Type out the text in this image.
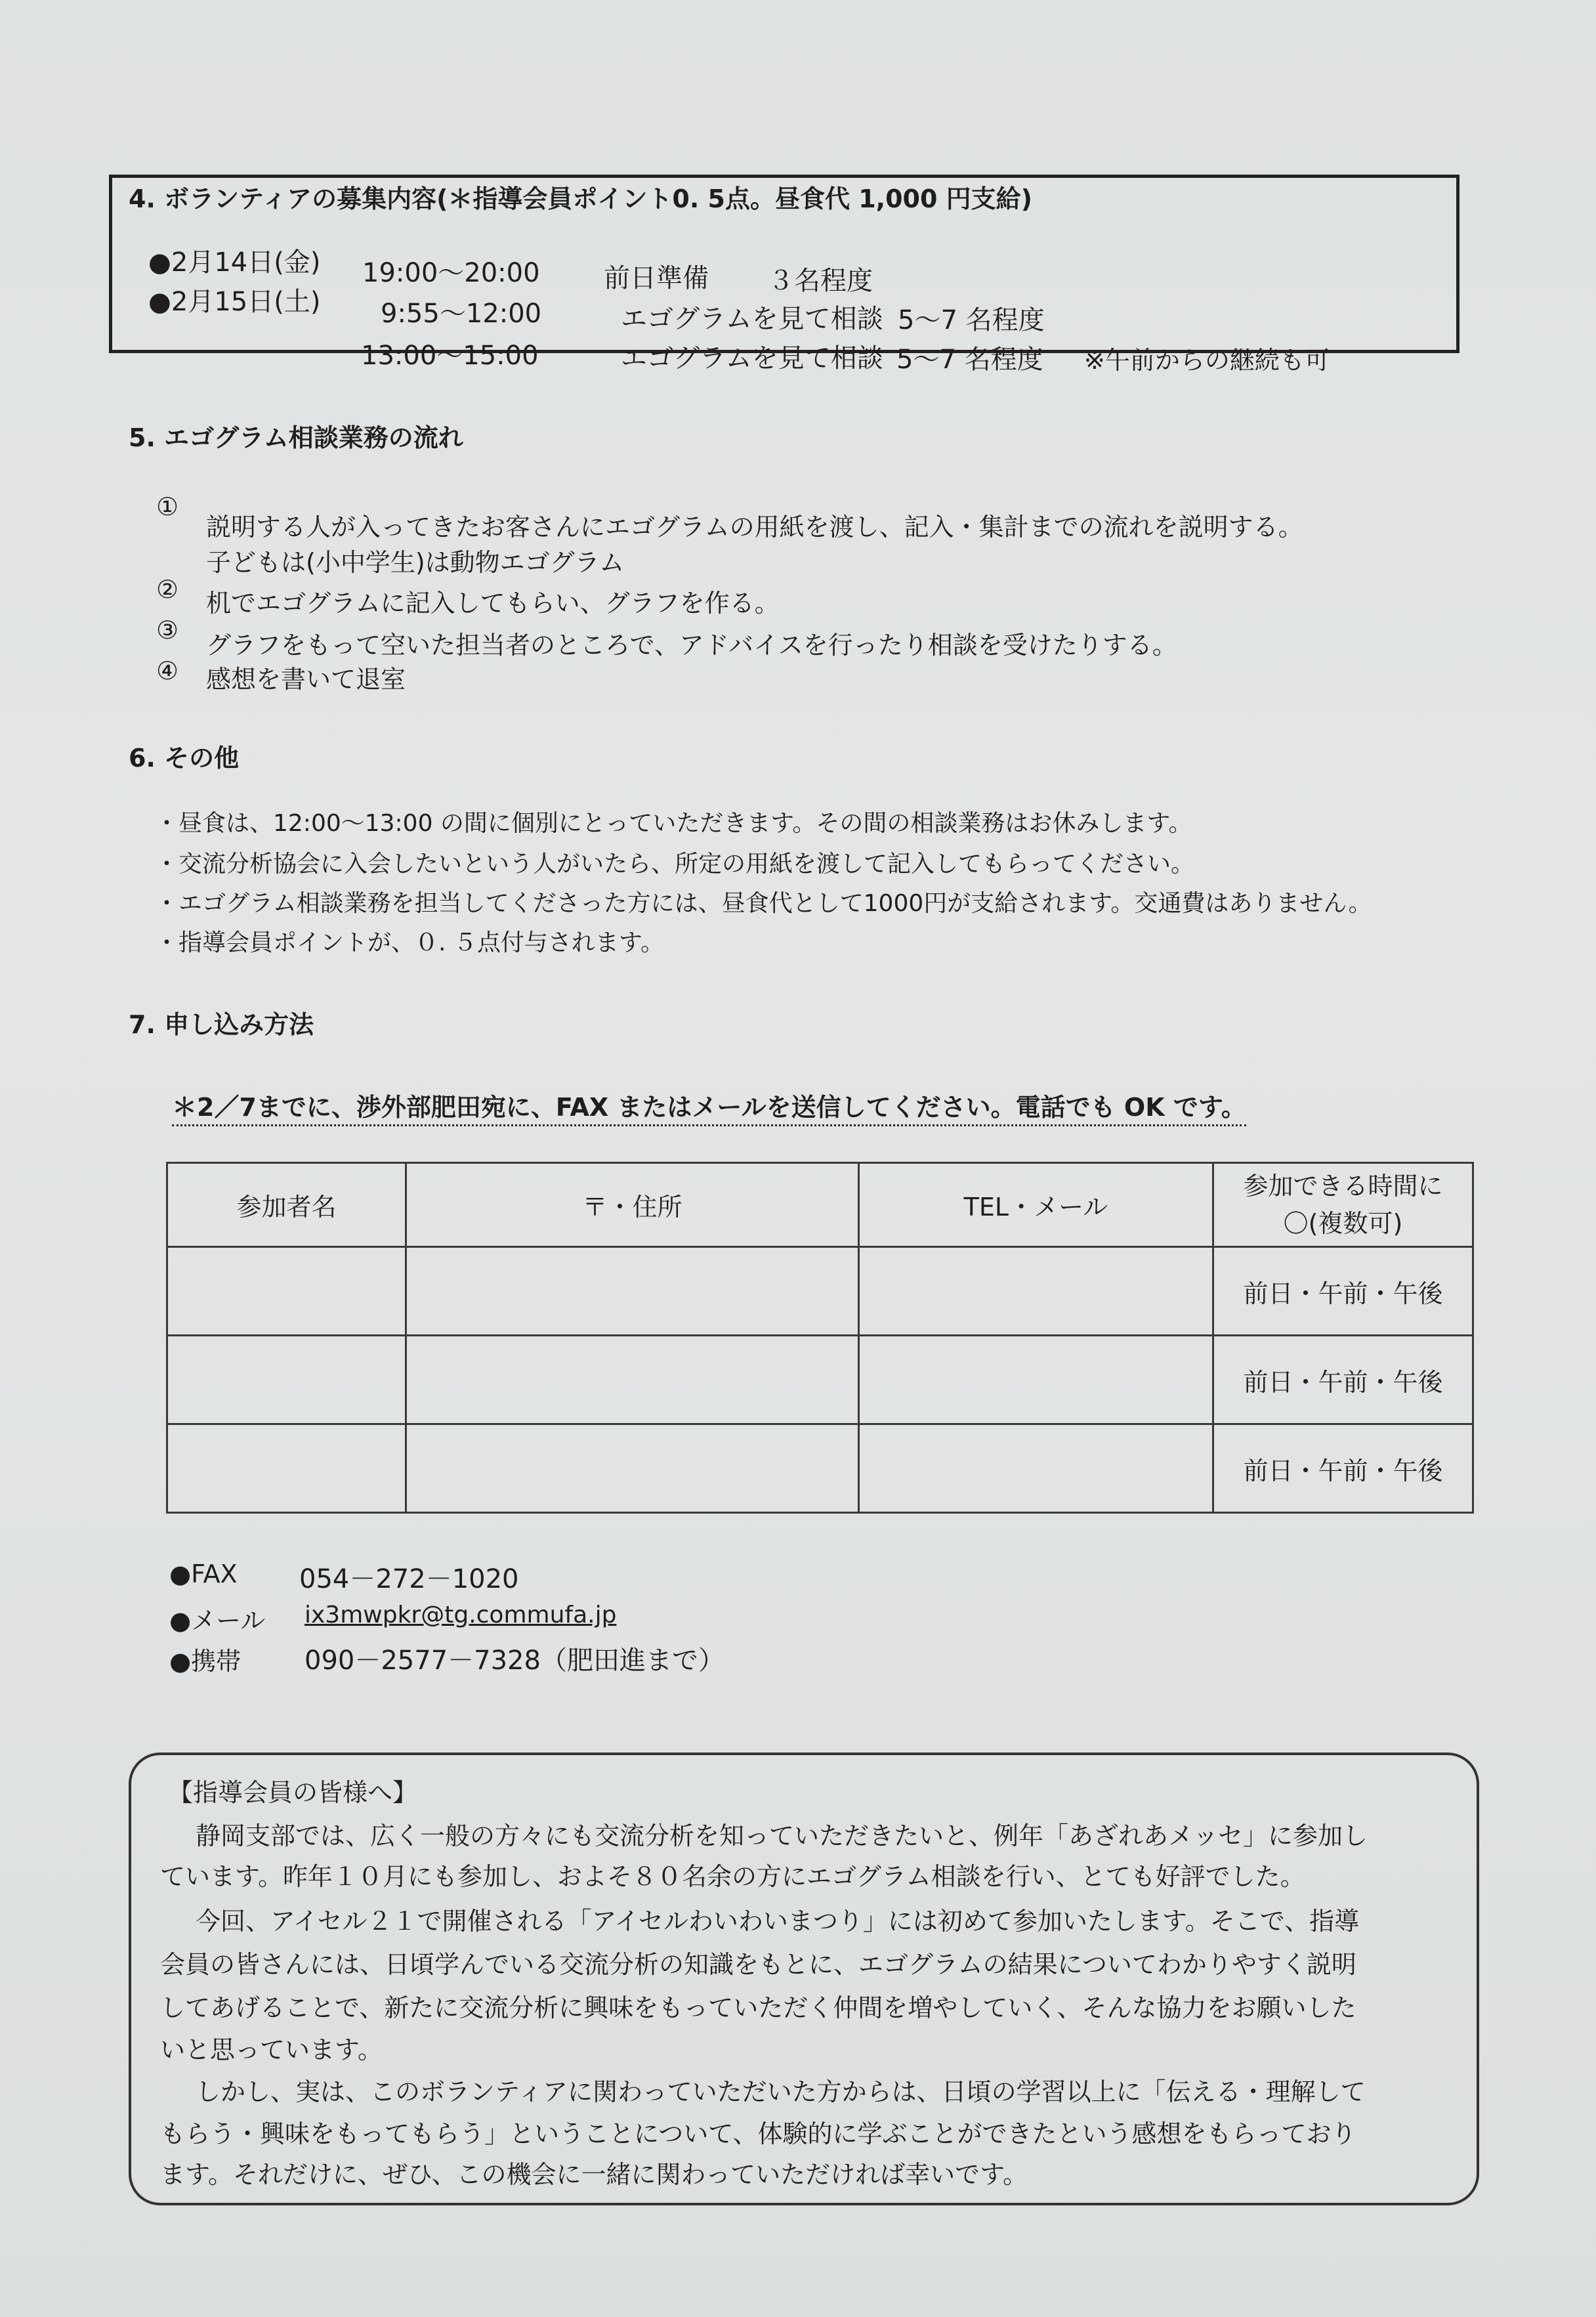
4. ボランティアの募集内容(＊指導会員ポイント0. 5点。昼食代 1,000 円支給)
●2月14日(金) 19:00～20:00 前日準備 ３名程度
●2月15日(土) 9:55～12:00	エゴグラムを見て相談 5～7 名程度
13:00～15:00	エゴグラムを見て相談 5～7 名程度 ※午前からの継続も可
5. エゴグラム相談業務の流れ
①
説明する人が入ってきたお客さんにエゴグラムの用紙を渡し、記入・集計までの流れを説明する。
子どもは(小中学生)は動物エゴグラム
② 机でエゴグラムに記入してもらい、グラフを作る。
③
グラフをもって空いた担当者のところで、アドバイスを行ったり相談を受けたりする。
④ 感想を書いて退室
6. その他
・昼食は、12:00～13:00 の間に個別にとっていただきます。その間の相談業務はお休みします。
・交流分析協会に入会したいという人がいたら、所定の用紙を渡して記入してもらってください。
・エゴグラム相談業務を担当してくださった方には、昼食代として1000円が支給されます。交通費はありません。
・指導会員ポイントが、０. ５点付与されます。
7. 申し込み方法
＊2／7までに、渉外部肥田宛に、FAX またはメールを送信してください。電話でも OK です。
参加者名	〒・住所	TEL・メール	参加できる時間に
〇(複数可)

			前日・午前・午後
			前日・午前・午後
			前日・午前・午後
●FAX 054－272－1020
●メール ix3mwpkr@tg.commufa.jp
●携帯 090－2577－7328（肥田進まで）
【指導会員の皆様へ】
静岡支部では、広く一般の方々にも交流分析を知っていただきたいと、例年「あざれあメッセ」に参加し
ています。昨年１０月にも参加し、およそ８０名余の方にエゴグラム相談を行い、とても好評でした。
今回、アイセル２１で開催される「アイセルわいわいまつり」には初めて参加いたします。そこで、指導
会員の皆さんには、日頃学んでいる交流分析の知識をもとに、エゴグラムの結果についてわかりやすく説明
してあげることで、新たに交流分析に興味をもっていただく仲間を増やしていく、そんな協力をお願いした
いと思っています。
しかし、実は、このボランティアに関わっていただいた方からは、日頃の学習以上に「伝える・理解して
もらう・興味をもってもらう」ということについて、体験的に学ぶことができたという感想をもらっており
ます。それだけに、ぜひ、この機会に一緒に関わっていただければ幸いです。
